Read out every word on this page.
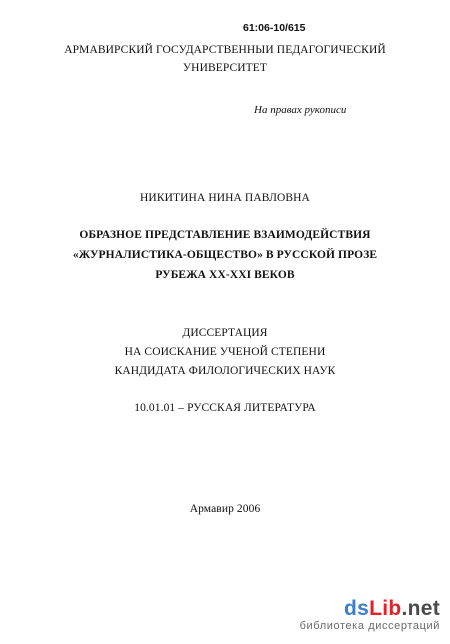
61:06-10/615
АРМАВИРСКИЙ ГОСУДАРСТВЕННЫИ ПЕДАГОГИЧЕСКИЙ
УНИВЕРСИТЕТ
На правах рукописи
НИКИТИНА НИНА ПАВЛОВНА
ОБРАЗНОЕ ПРЕДСТАВЛЕНИЕ ВЗАИМОДЕЙСТВИЯ
«ЖУРНАЛИСТИКА-ОБЩЕСТВО» В РУССКОЙ ПРОЗЕ
РУБЕЖА XX-XXI ВЕКОВ
ДИССЕРТАЦИЯ
НА СОИСКАНИЕ УЧЕНОЙ СТЕПЕНИ
КАНДИДАТА ФИЛОЛОГИЧЕСКИХ НАУК
10.01.01 – РУССКАЯ ЛИТЕРАТУРА
Армавир 2006
dsLib.net
библиотека диссертаций
